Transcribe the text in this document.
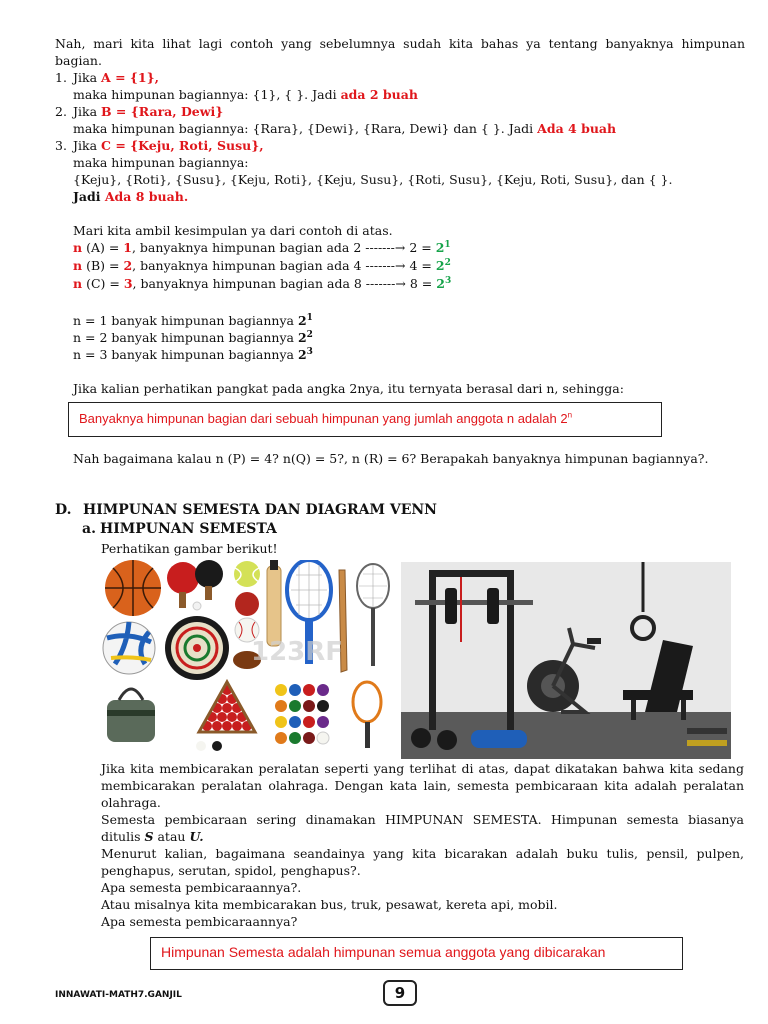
Nah, mari kita lihat lagi contoh yang sebelumnya sudah kita bahas ya tentang banyaknya himpunan
bagian.
1. Jika A = {1},
maka himpunan bagiannya: {1}, { }. Jadi ada 2 buah
2. Jika B = {Rara, Dewi}
maka himpunan bagiannya: {Rara}, {Dewi}, {Rara, Dewi} dan { }. Jadi Ada 4 buah
3. Jika C = {Keju, Roti, Susu},
maka himpunan bagiannya:
{Keju}, {Roti}, {Susu}, {Keju, Roti}, {Keju, Susu}, {Roti, Susu}, {Keju, Roti, Susu}, dan { }.
Jadi Ada 8 buah.
Mari kita ambil kesimpulan ya dari contoh di atas.
n (A) = 1, banyaknya himpunan bagian ada 2 -------→ $2 = 2^1$
n (B) = 2, banyaknya himpunan bagian ada 4 -------→ $4 = 2^2$
n (C) = 3, banyaknya himpunan bagian ada 8 -------→ $8 = 2^3$
n = 1 banyak himpunan bagiannya $2^1$
n = 2 banyak himpunan bagiannya $2^2$
n = 3 banyak himpunan bagiannya $2^3$
Jika kalian perhatikan pangkat pada angka 2nya, itu ternyata berasal dari n, sehingga:
Banyaknya himpunan bagian dari sebuah himpunan yang jumlah anggota n adalah 2$^n$
Nah bagaimana kalau n (P) = 4? n(Q) = 5?, n (R) = 6? Berapakah banyaknya himpunan bagiannya?.
D. HIMPUNAN SEMESTA DAN DIAGRAM VENN
a. HIMPUNAN SEMESTA
Perhatikan gambar berikut!
123RF
Jika kita membicarakan peralatan seperti yang terlihat di atas, dapat dikatakan bahwa kita sedang
membicarakan peralatan olahraga. Dengan kata lain, semesta pembicaraan kita adalah peralatan
olahraga.
Semesta pembicaraan sering dinamakan HIMPUNAN SEMESTA. Himpunan semesta biasanya
ditulis S atau U.
Menurut kalian, bagaimana seandainya yang kita bicarakan adalah buku tulis, pensil, pulpen,
penghapus, serutan, spidol, penghapus?.
Apa semesta pembicaraannya?.
Atau misalnya kita membicarakan bus, truk, pesawat, kereta api, mobil.
Apa semesta pembicaraannya?
Himpunan Semesta adalah himpunan semua anggota yang dibicarakan
INNAWATI-MATH7.GANJIL	9
